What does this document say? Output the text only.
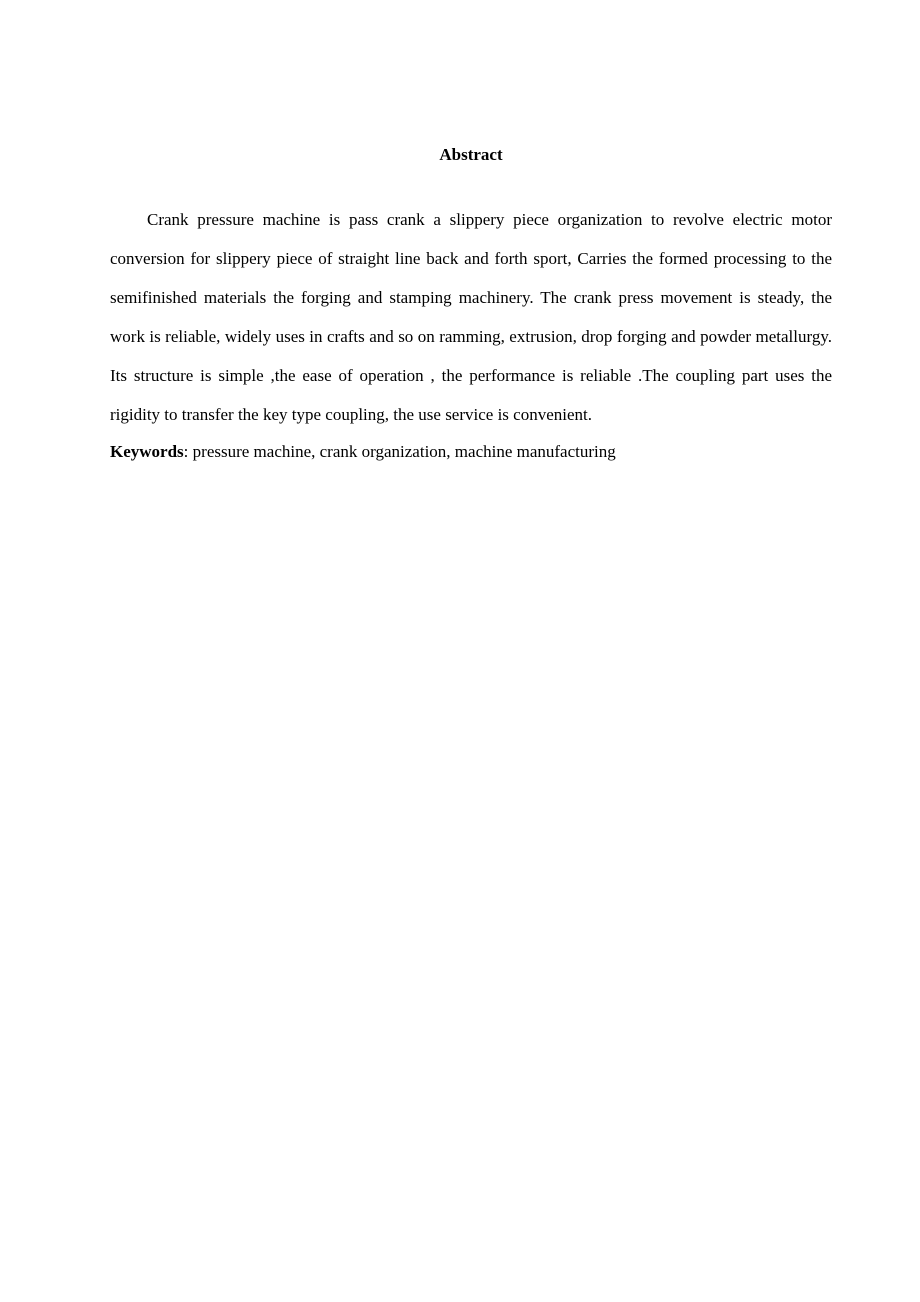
Abstract

Crank pressure machine is pass crank a slippery piece organization to revolve electric motor conversion for slippery piece of straight line back and forth sport, Carries the formed processing to the semifinished materials the forging and stamping machinery. The crank press movement is steady, the work is reliable, widely uses in crafts and so on ramming, extrusion, drop forging and powder metallurgy. Its structure is simple ,the ease of operation , the performance is reliable .The coupling part uses the rigidity to transfer the key type coupling, the use service is convenient.

Keywords: pressure machine, crank organization, machine manufacturing
